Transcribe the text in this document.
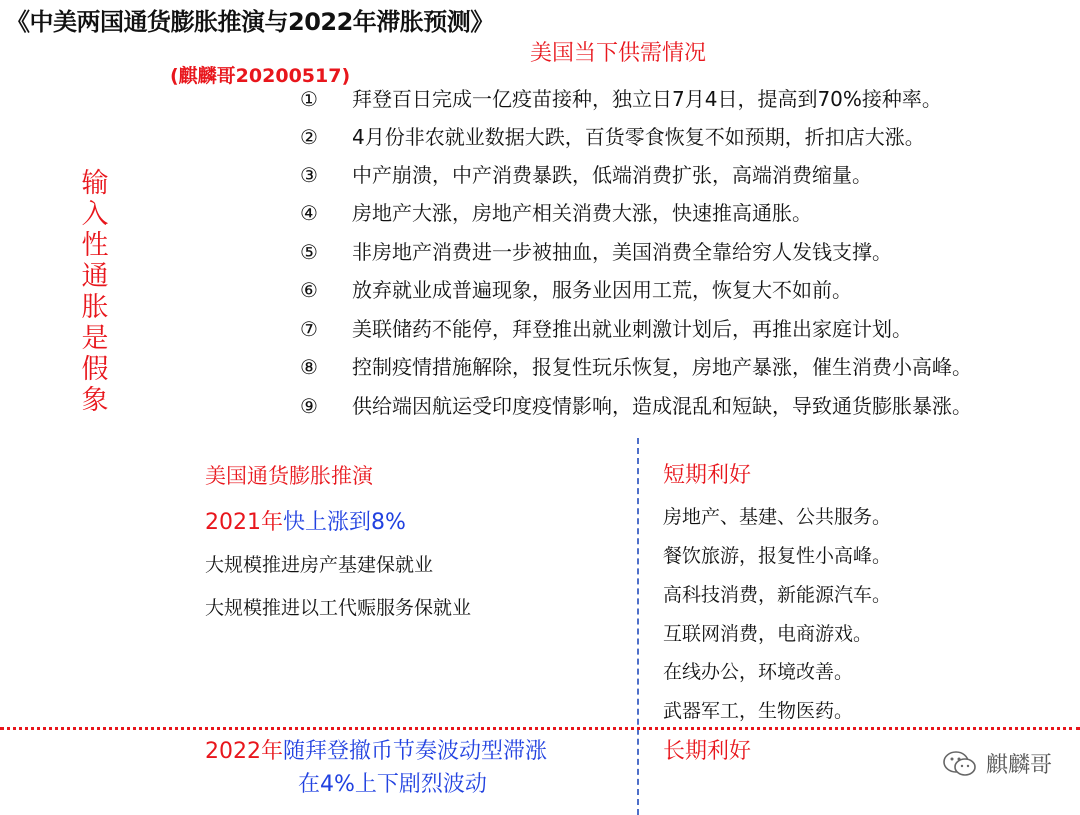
《中美两国通货膨胀推演与2022年滞胀预测》
美国当下供需情况
(麒麟哥20200517)
输入性通胀是假象
① 拜登百日完成一亿疫苗接种，独立日7月4日，提高到70%接种率。
② 4月份非农就业数据大跌，百货零食恢复不如预期，折扣店大涨。
③ 中产崩溃，中产消费暴跌，低端消费扩张，高端消费缩量。
④ 房地产大涨，房地产相关消费大涨，快速推高通胀。
⑤ 非房地产消费进一步被抽血，美国消费全靠给穷人发钱支撑。
⑥ 放弃就业成普遍现象，服务业因用工荒，恢复大不如前。
⑦ 美联储药不能停，拜登推出就业刺激计划后，再推出家庭计划。
⑧ 控制疫情措施解除，报复性玩乐恢复，房地产暴涨，催生消费小高峰。
⑨ 供给端因航运受印度疫情影响，造成混乱和短缺，导致通货膨胀暴涨。
美国通货膨胀推演
2021年快上涨到8%
大规模推进房产基建保就业
大规模推进以工代赈服务保就业
2022年随拜登撤币节奏波动型滞涨
在4%上下剧烈波动
短期利好
房地产、基建、公共服务。
餐饮旅游，报复性小高峰。
高科技消费，新能源汽车。
互联网消费，电商游戏。
在线办公，环境改善。
武器军工，生物医药。
长期利好
麒麟哥
